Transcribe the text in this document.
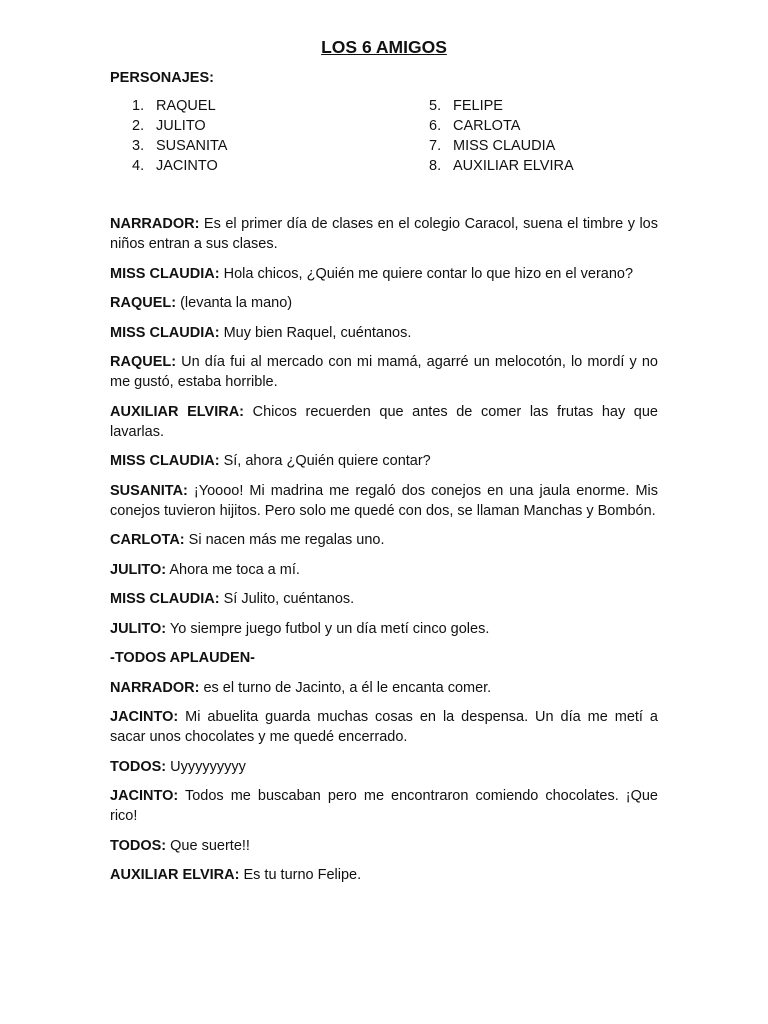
LOS 6 AMIGOS
PERSONAJES:
1. RAQUEL
2. JULITO
3. SUSANITA
4. JACINTO
5. FELIPE
6. CARLOTA
7. MISS CLAUDIA
8. AUXILIAR ELVIRA

NARRADOR: Es el primer día de clases en el colegio Caracol, suena el timbre y los niños entran a sus clases.

MISS CLAUDIA: Hola chicos, ¿Quién me quiere contar lo que hizo en el verano?

RAQUEL: (levanta la mano)

MISS CLAUDIA: Muy bien Raquel, cuéntanos.

RAQUEL: Un día fui al mercado con mi mamá, agarré un melocotón, lo mordí y no me gustó, estaba horrible.

AUXILIAR ELVIRA: Chicos recuerden que antes de comer las frutas hay que lavarlas.

MISS CLAUDIA: Sí, ahora ¿Quién quiere contar?

SUSANITA: ¡Yoooo! Mi madrina me regaló dos conejos en una jaula enorme. Mis conejos tuvieron hijitos. Pero solo me quedé con dos, se llaman Manchas y Bombón.

CARLOTA: Si nacen más me regalas uno.

JULITO: Ahora me toca a mí.

MISS CLAUDIA: Sí Julito, cuéntanos.

JULITO: Yo siempre juego futbol y un día metí cinco goles.

-TODOS APLAUDEN-

NARRADOR: es el turno de Jacinto, a él le encanta comer.

JACINTO: Mi abuelita guarda muchas cosas en la despensa. Un día me metí a sacar unos chocolates y me quedé encerrado.

TODOS: Uyyyyyyyyy

JACINTO: Todos me buscaban pero me encontraron comiendo chocolates. ¡Que rico!

TODOS: Que suerte!!

AUXILIAR ELVIRA: Es tu turno Felipe.
